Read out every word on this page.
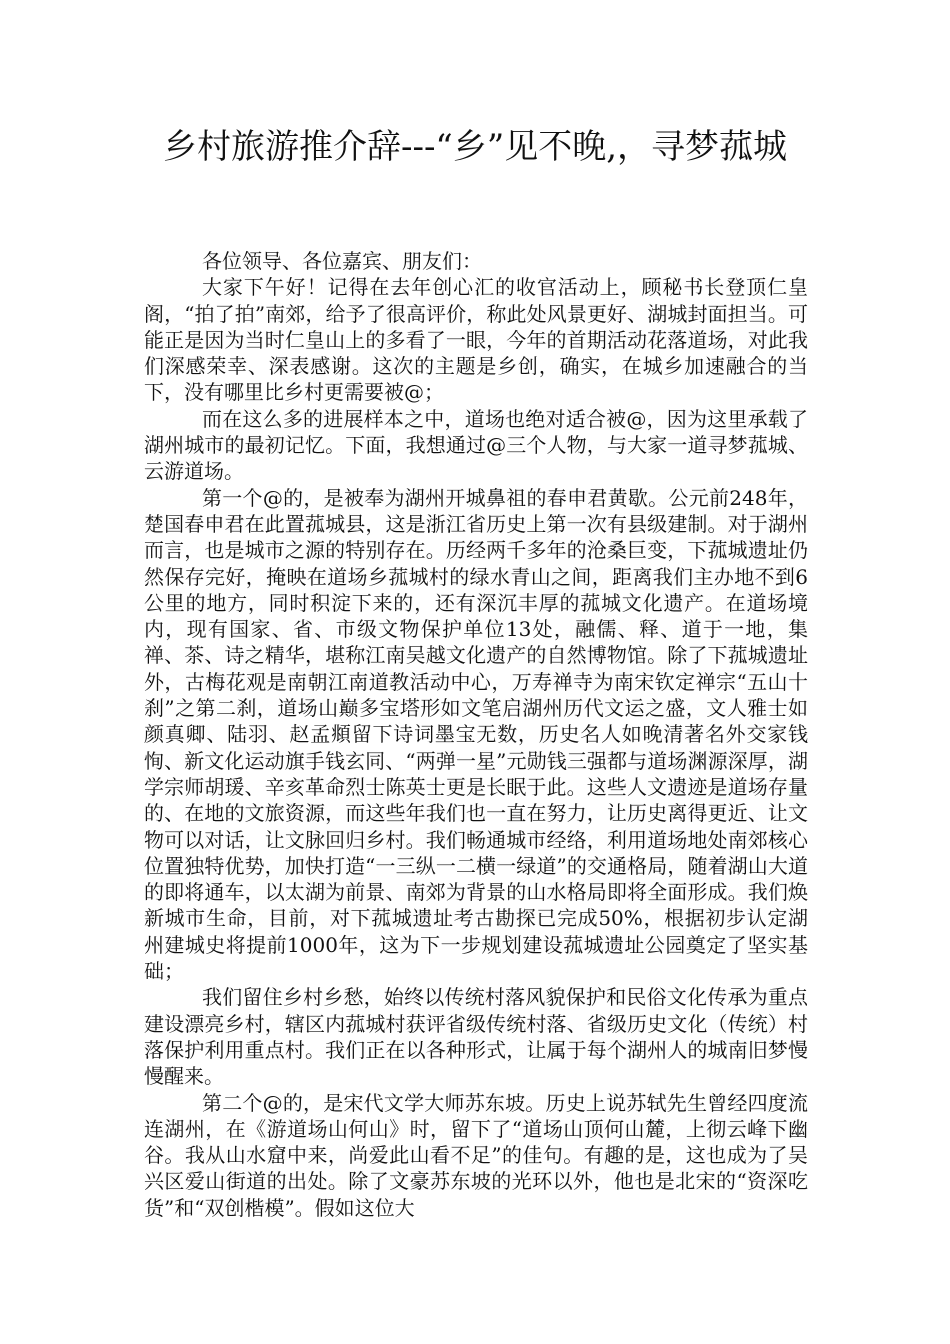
乡村旅游推介辞---“乡”见不晚,，寻梦菰城

各位领导、各位嘉宾、朋友们：

大家下午好！记得在去年创心汇的收官活动上，顾秘书长登顶仁皇阁，“拍了拍”南郊，给予了很高评价，称此处风景更好、湖城封面担当。可能正是因为当时仁皇山上的多看了一眼，今年的首期活动花落道场，对此我们深感荣幸、深表感谢。这次的主题是乡创，确实，在城乡加速融合的当下，没有哪里比乡村更需要被@；

而在这么多的进展样本之中，道场也绝对适合被@，因为这里承载了湖州城市的最初记忆。下面，我想通过@三个人物，与大家一道寻梦菰城、云游道场。

第一个@的，是被奉为湖州开城鼻祖的春申君黄歇。公元前248年，楚国春申君在此置菰城县，这是浙江省历史上第一次有县级建制。对于湖州而言，也是城市之源的特别存在。历经两千多年的沧桑巨变，下菰城遗址仍然保存完好，掩映在道场乡菰城村的绿水青山之间，距离我们主办地不到6公里的地方，同时积淀下来的，还有深沉丰厚的菰城文化遗产。在道场境内，现有国家、省、市级文物保护单位13处，融儒、释、道于一地，集禅、茶、诗之精华，堪称江南吴越文化遗产的自然博物馆。除了下菰城遗址外，古梅花观是南朝江南道教活动中心，万寿禅寺为南宋钦定禅宗“五山十刹”之第二刹，道场山巅多宝塔形如文笔启湖州历代文运之盛，文人雅士如颜真卿、陆羽、赵孟頫留下诗词墨宝无数，历史名人如晚清著名外交家钱恂、新文化运动旗手钱玄同、“两弹一星”元勋钱三强都与道场渊源深厚，湖学宗师胡瑗、辛亥革命烈士陈英士更是长眠于此。这些人文遗迹是道场存量的、在地的文旅资源，而这些年我们也一直在努力，让历史离得更近、让文物可以对话，让文脉回归乡村。我们畅通城市经络，利用道场地处南郊核心位置独特优势，加快打造“一三纵一二横一绿道”的交通格局，随着湖山大道的即将通车，以太湖为前景、南郊为背景的山水格局即将全面形成。我们焕新城市生命，目前，对下菰城遗址考古勘探已完成50%，根据初步认定湖州建城史将提前1000年，这为下一步规划建设菰城遗址公园奠定了坚实基础；

我们留住乡村乡愁，始终以传统村落风貌保护和民俗文化传承为重点建设漂亮乡村，辖区内菰城村获评省级传统村落、省级历史文化（传统）村落保护利用重点村。我们正在以各种形式，让属于每个湖州人的城南旧梦慢慢醒来。

第二个@的，是宋代文学大师苏东坡。历史上说苏轼先生曾经四度流连湖州，在《游道场山何山》时，留下了“道场山顶何山麓，上彻云峰下幽谷。我从山水窟中来，尚爱此山看不足”的佳句。有趣的是，这也成为了吴兴区爱山街道的出处。除了文豪苏东坡的光环以外，他也是北宋的“资深吃货”和“双创楷模”。假如这位大
